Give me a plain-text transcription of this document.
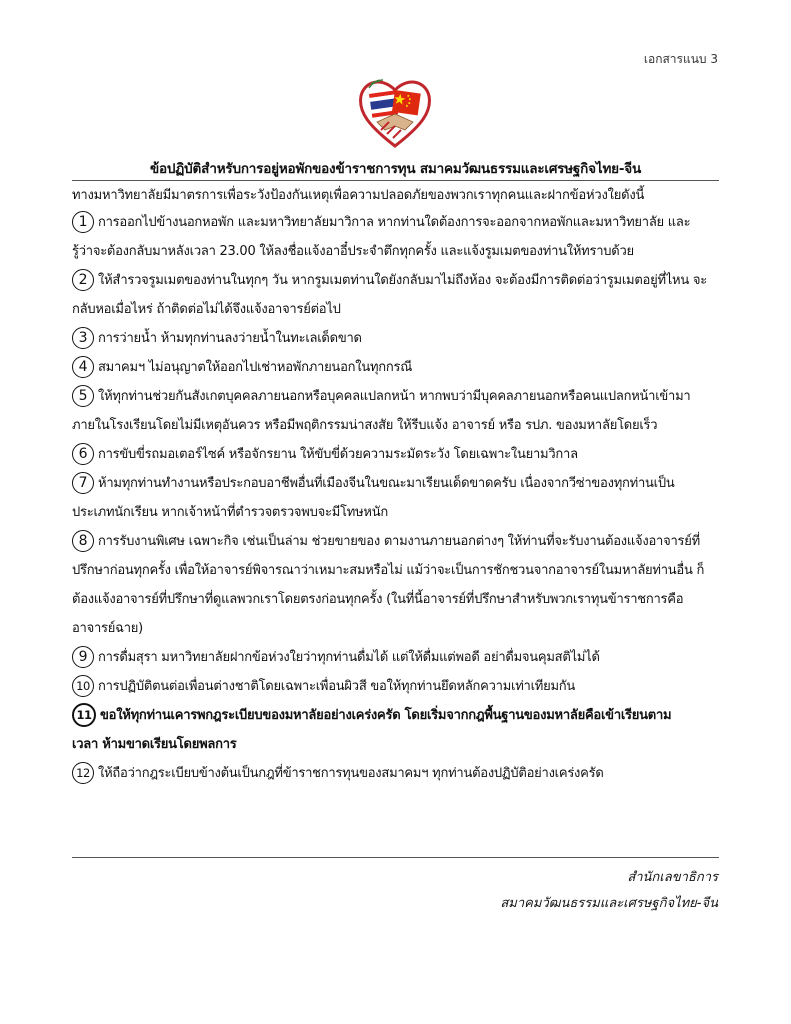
เอกสารแนบ 3
ข้อปฏิบัติสำหรับการอยู่หอพักของข้าราชการทุน สมาคมวัฒนธรรมและเศรษฐกิจไทย-จีน
ทางมหาวิทยาลัยมีมาตรการเพื่อระวังป้องกันเหตุเพื่อความปลอดภัยของพวกเราทุกคนและฝากข้อห่วงใยดังนี้
1 การออกไปข้างนอกหอพัก และมหาวิทยาลัยมาวิกาล หากท่านใดต้องการจะออกจากหอพักและมหาวิทยาลัย และ
รู้ว่าจะต้องกลับมาหลังเวลา 23.00 ให้ลงชื่อแจ้งอาอี๋ประจำตึกทุกครั้ง และแจ้งรูมเมตของท่านให้ทราบด้วย
2 ให้สำรวจรูมเมตของท่านในทุกๆ วัน หากรูมเมตท่านใดยังกลับมาไม่ถึงห้อง จะต้องมีการติดต่อว่ารูมเมตอยู่ที่ไหน จะ
กลับหอเมื่อไหร่ ถ้าติดต่อไม่ได้จึงแจ้งอาจารย์ต่อไป
3 การว่ายน้ำ ห้ามทุกท่านลงว่ายน้ำในทะเลเด็ดขาด
4 สมาคมฯ ไม่อนุญาตให้ออกไปเช่าหอพักภายนอกในทุกกรณี
5 ให้ทุกท่านช่วยกันสังเกตบุคคลภายนอกหรือบุคคลแปลกหน้า หากพบว่ามีบุคคลภายนอกหรือคนแปลกหน้าเข้ามา
ภายในโรงเรียนโดยไม่มีเหตุอันควร หรือมีพฤติกรรมน่าสงสัย ให้รีบแจ้ง อาจารย์ หรือ รปภ. ของมหาลัยโดยเร็ว
6 การขับขี่รถมอเตอร์ไซค์ หรือจักรยาน ให้ขับขี่ด้วยความระมัดระวัง โดยเฉพาะในยามวิกาล
7 ห้ามทุกท่านทำงานหรือประกอบอาชีพอื่นที่เมืองจีนในขณะมาเรียนเด็ดขาดครับ เนื่องจากวีซ่าของทุกท่านเป็น
ประเภทนักเรียน หากเจ้าหน้าที่ตำรวจตรวจพบจะมีโทษหนัก
8 การรับงานพิเศษ เฉพาะกิจ เช่นเป็นล่าม ช่วยขายของ ตามงานภายนอกต่างๆ ให้ท่านที่จะรับงานต้องแจ้งอาจารย์ที่
ปรึกษาก่อนทุกครั้ง เพื่อให้อาจารย์พิจารณาว่าเหมาะสมหรือไม่ แม้ว่าจะเป็นการชักชวนจากอาจารย์ในมหาลัยท่านอื่น ก็
ต้องแจ้งอาจารย์ที่ปรึกษาที่ดูแลพวกเราโดยตรงก่อนทุกครั้ง (ในที่นี้อาจารย์ที่ปรึกษาสำหรับพวกเราทุนข้าราชการคือ
อาจารย์ฉาย)
9 การดื่มสุรา มหาวิทยาลัยฝากข้อห่วงใยว่าทุกท่านดื่มได้ แต่ให้ดื่มแต่พอดี อย่าดื่มจนคุมสติไม่ได้
10 การปฏิบัติตนต่อเพื่อนต่างชาติโดยเฉพาะเพื่อนผิวสี ขอให้ทุกท่านยึดหลักความเท่าเทียมกัน
11 ขอให้ทุกท่านเคารพกฎระเบียบของมหาลัยอย่างเคร่งครัด โดยเริ่มจากกฎพื้นฐานของมหาลัยคือเข้าเรียนตาม
เวลา ห้ามขาดเรียนโดยพลการ
12 ให้ถือว่ากฎระเบียบข้างต้นเป็นกฎที่ข้าราชการทุนของสมาคมฯ ทุกท่านต้องปฏิบัติอย่างเคร่งครัด
สำนักเลขาธิการ
สมาคมวัฒนธรรมและเศรษฐกิจไทย-จีน
